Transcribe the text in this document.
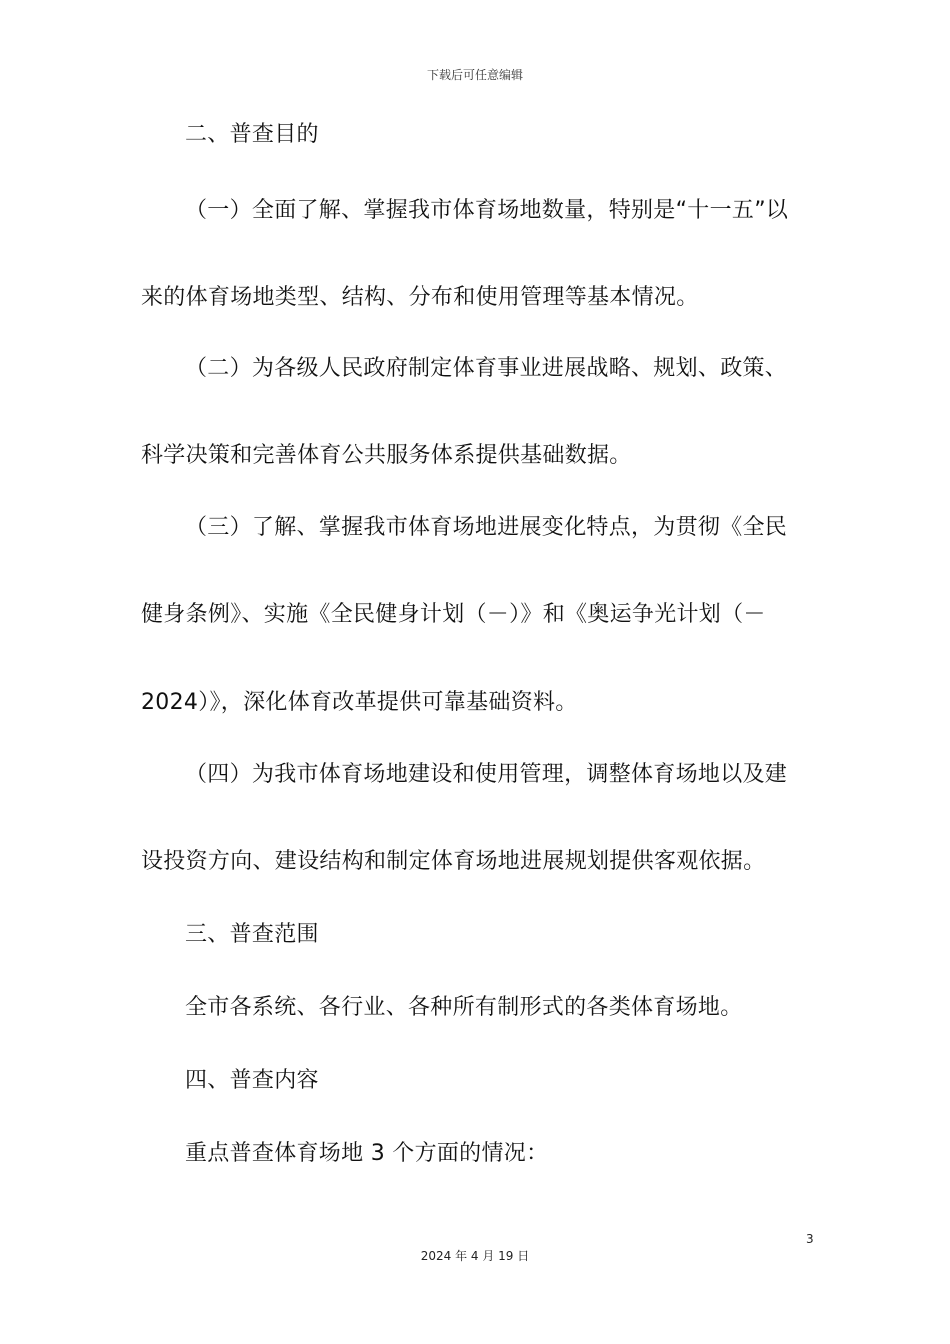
下载后可任意编辑
二、普查目的
（一）全面了解、掌握我市体育场地数量，特别是“十一五”以
来的体育场地类型、结构、分布和使用管理等基本情况。
（二）为各级人民政府制定体育事业进展战略、规划、政策、
科学决策和完善体育公共服务体系提供基础数据。
（三）了解、掌握我市体育场地进展变化特点，为贯彻《全民
健身条例》、实施《全民健身计划（－）》和《奥运争光计划（－
2024）》，深化体育改革提供可靠基础资料。
（四）为我市体育场地建设和使用管理，调整体育场地以及建
设投资方向、建设结构和制定体育场地进展规划提供客观依据。
三、普查范围
全市各系统、各行业、各种所有制形式的各类体育场地。
四、普查内容
重点普查体育场地 3 个方面的情况：
3
2024 年 4 月 19 日
